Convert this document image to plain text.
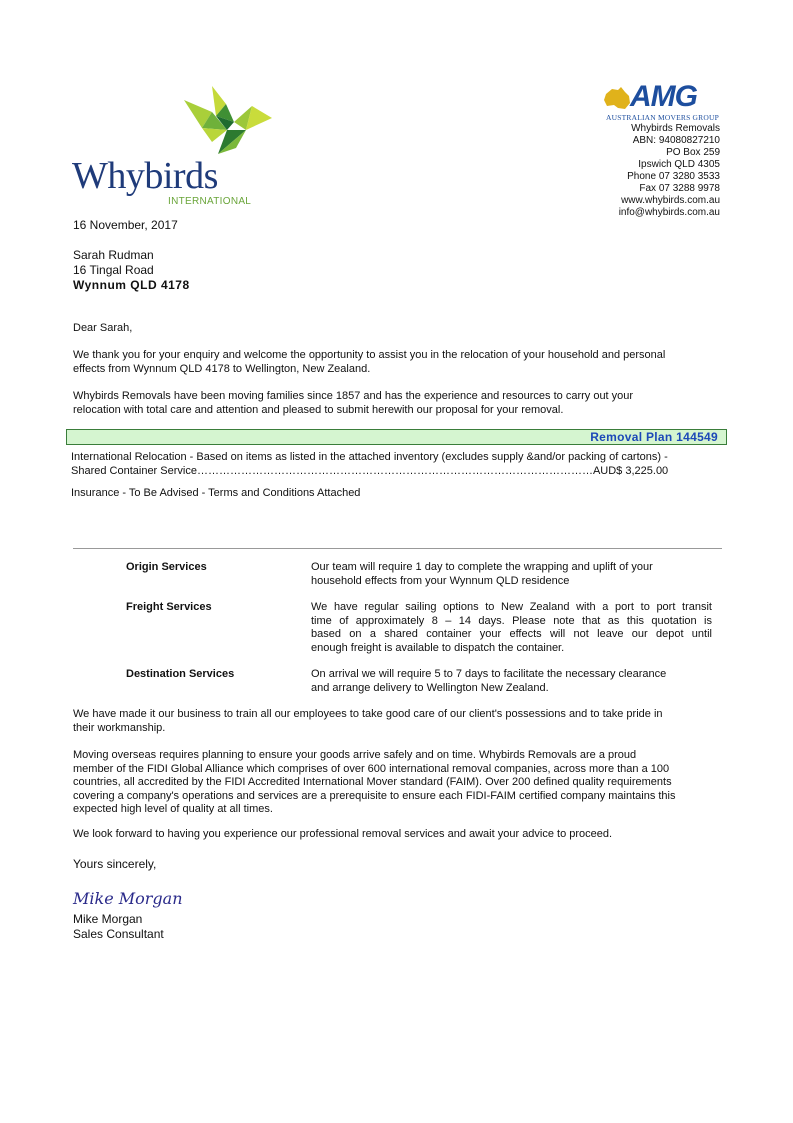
Whybirds
INTERNATIONAL
AMG
AUSTRALIAN MOVERS GROUP
Whybirds Removals
ABN: 94080827210
PO Box 259
Ipswich QLD 4305
Phone 07 3280 3533
Fax 07 3288 9978
www.whybirds.com.au
info@whybirds.com.au
16 November, 2017
Sarah Rudman
16 Tingal Road
Wynnum QLD 4178
Dear Sarah,
We thank you for your enquiry and welcome the opportunity to assist you in the relocation of your household and personal
effects from Wynnum QLD 4178 to Wellington, New Zealand.
Whybirds Removals have been moving families since 1857 and has the experience and resources to carry out your
relocation with total care and attention and pleased to submit herewith our proposal for your removal.
Removal Plan 144549
International Relocation - Based on items as listed in the attached inventory (excludes supply &and/or packing of cartons) -
Shared Container Service………………………………………………………………………………………………AUD$ 3,225.00
Insurance - To Be Advised - Terms and Conditions Attached
Origin Services	Our team will require 1 day to complete the wrapping and uplift of your
household effects from your Wynnum QLD residence
Freight Services	We have regular sailing options to New Zealand with a port to port transit
time of approximately 8 – 14 days. Please note that as this quotation is
based on a shared container your effects will not leave our depot until
enough freight is available to dispatch the container.
Destination Services	On arrival we will require 5 to 7 days to facilitate the necessary clearance
and arrange delivery to Wellington New Zealand.
We have made it our business to train all our employees to take good care of our client's possessions and to take pride in
their workmanship.
Moving overseas requires planning to ensure your goods arrive safely and on time. Whybirds Removals are a proud
member of the FIDI Global Alliance which comprises of over 600 international removal companies, across more than a 100
countries, all accredited by the FIDI Accredited International Mover standard (FAIM). Over 200 defined quality requirements
covering a company's operations and services are a prerequisite to ensure each FIDI-FAIM certified company maintains this
expected high level of quality at all times.
We look forward to having you experience our professional removal services and await your advice to proceed.
Yours sincerely,
Mike Morgan
Mike Morgan
Sales Consultant
